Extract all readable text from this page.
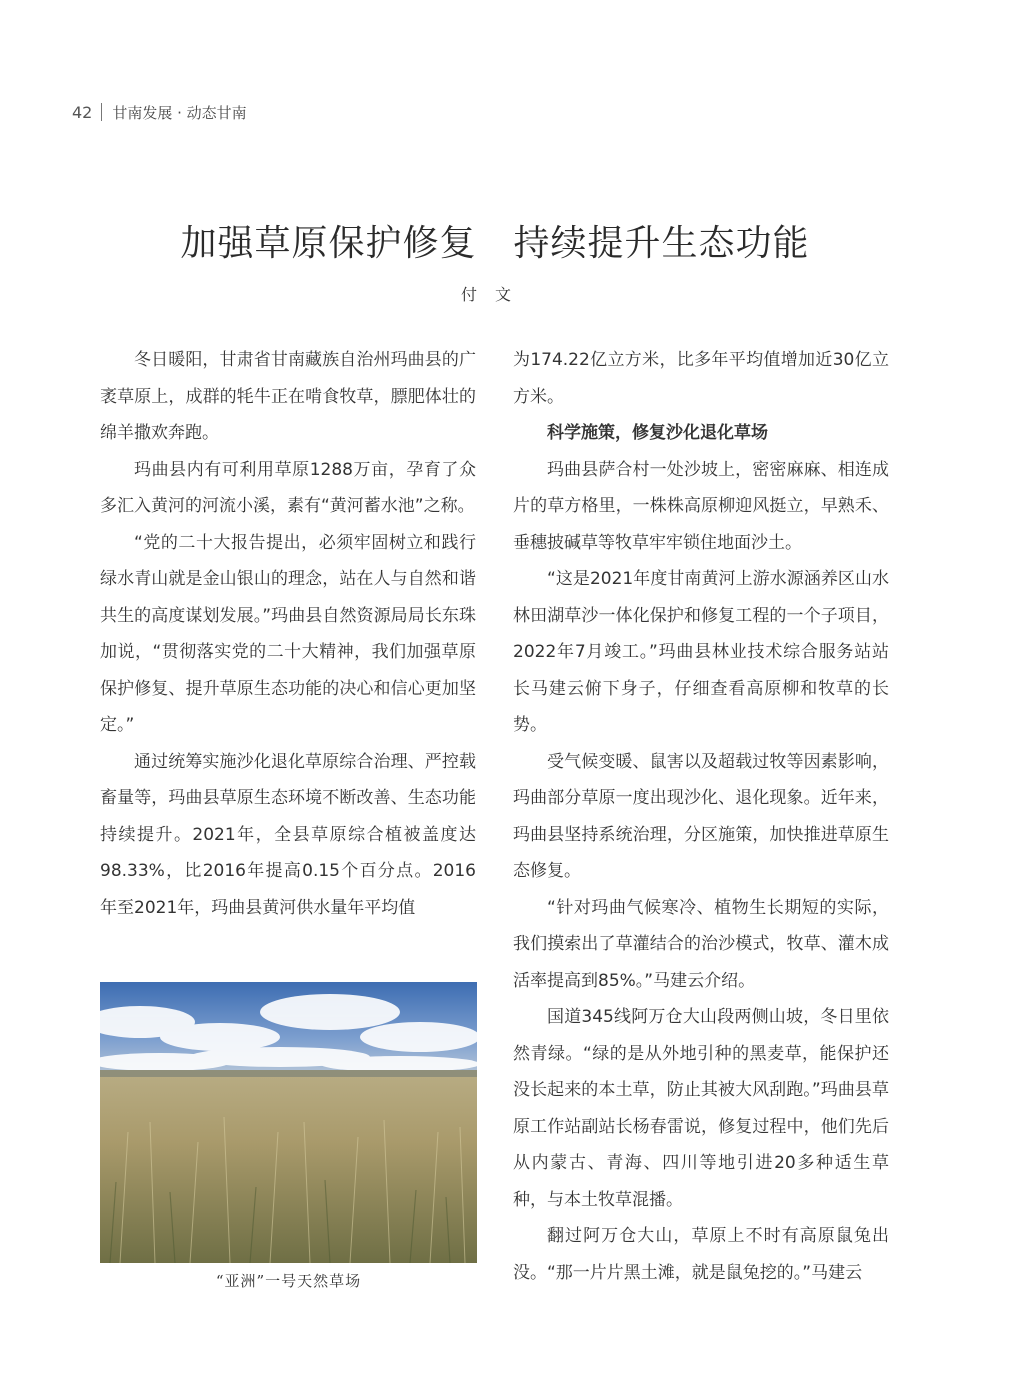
42 甘南发展 · 动态甘南
加强草原保护修复　持续提升生态功能
付文

冬日暖阳，甘肃省甘南藏族自治州玛曲县的广袤草原上，成群的牦牛正在啃食牧草，膘肥体壮的绵羊撒欢奔跑。

玛曲县内有可利用草原1288万亩，孕育了众多汇入黄河的河流小溪，素有“黄河蓄水池”之称。

“党的二十大报告提出，必须牢固树立和践行绿水青山就是金山银山的理念，站在人与自然和谐共生的高度谋划发展。”玛曲县自然资源局局长东珠加说，“贯彻落实党的二十大精神，我们加强草原保护修复、提升草原生态功能的决心和信心更加坚定。”

通过统筹实施沙化退化草原综合治理、严控载畜量等，玛曲县草原生态环境不断改善、生态功能持续提升。2021年，全县草原综合植被盖度达98.33%，比2016年提高0.15个百分点。2016年至2021年，玛曲县黄河供水量年平均值

“亚洲”一号天然草场

为174.22亿立方米，比多年平均值增加近30亿立方米。

科学施策，修复沙化退化草场

玛曲县萨合村一处沙坡上，密密麻麻、相连成片的草方格里，一株株高原柳迎风挺立，早熟禾、垂穗披碱草等牧草牢牢锁住地面沙土。

“这是2021年度甘南黄河上游水源涵养区山水林田湖草沙一体化保护和修复工程的一个子项目，2022年7月竣工。”玛曲县林业技术综合服务站站长马建云俯下身子，仔细查看高原柳和牧草的长势。

受气候变暖、鼠害以及超载过牧等因素影响，玛曲部分草原一度出现沙化、退化现象。近年来，玛曲县坚持系统治理，分区施策，加快推进草原生态修复。

“针对玛曲气候寒冷、植物生长期短的实际，我们摸索出了草灌结合的治沙模式，牧草、灌木成活率提高到85%。”马建云介绍。

国道345线阿万仓大山段两侧山坡，冬日里依然青绿。“绿的是从外地引种的黑麦草，能保护还没长起来的本土草，防止其被大风刮跑。”玛曲县草原工作站副站长杨春雷说，修复过程中，他们先后从内蒙古、青海、四川等地引进20多种适生草种，与本土牧草混播。

翻过阿万仓大山，草原上不时有高原鼠兔出没。“那一片片黑土滩，就是鼠兔挖的。”马建云
